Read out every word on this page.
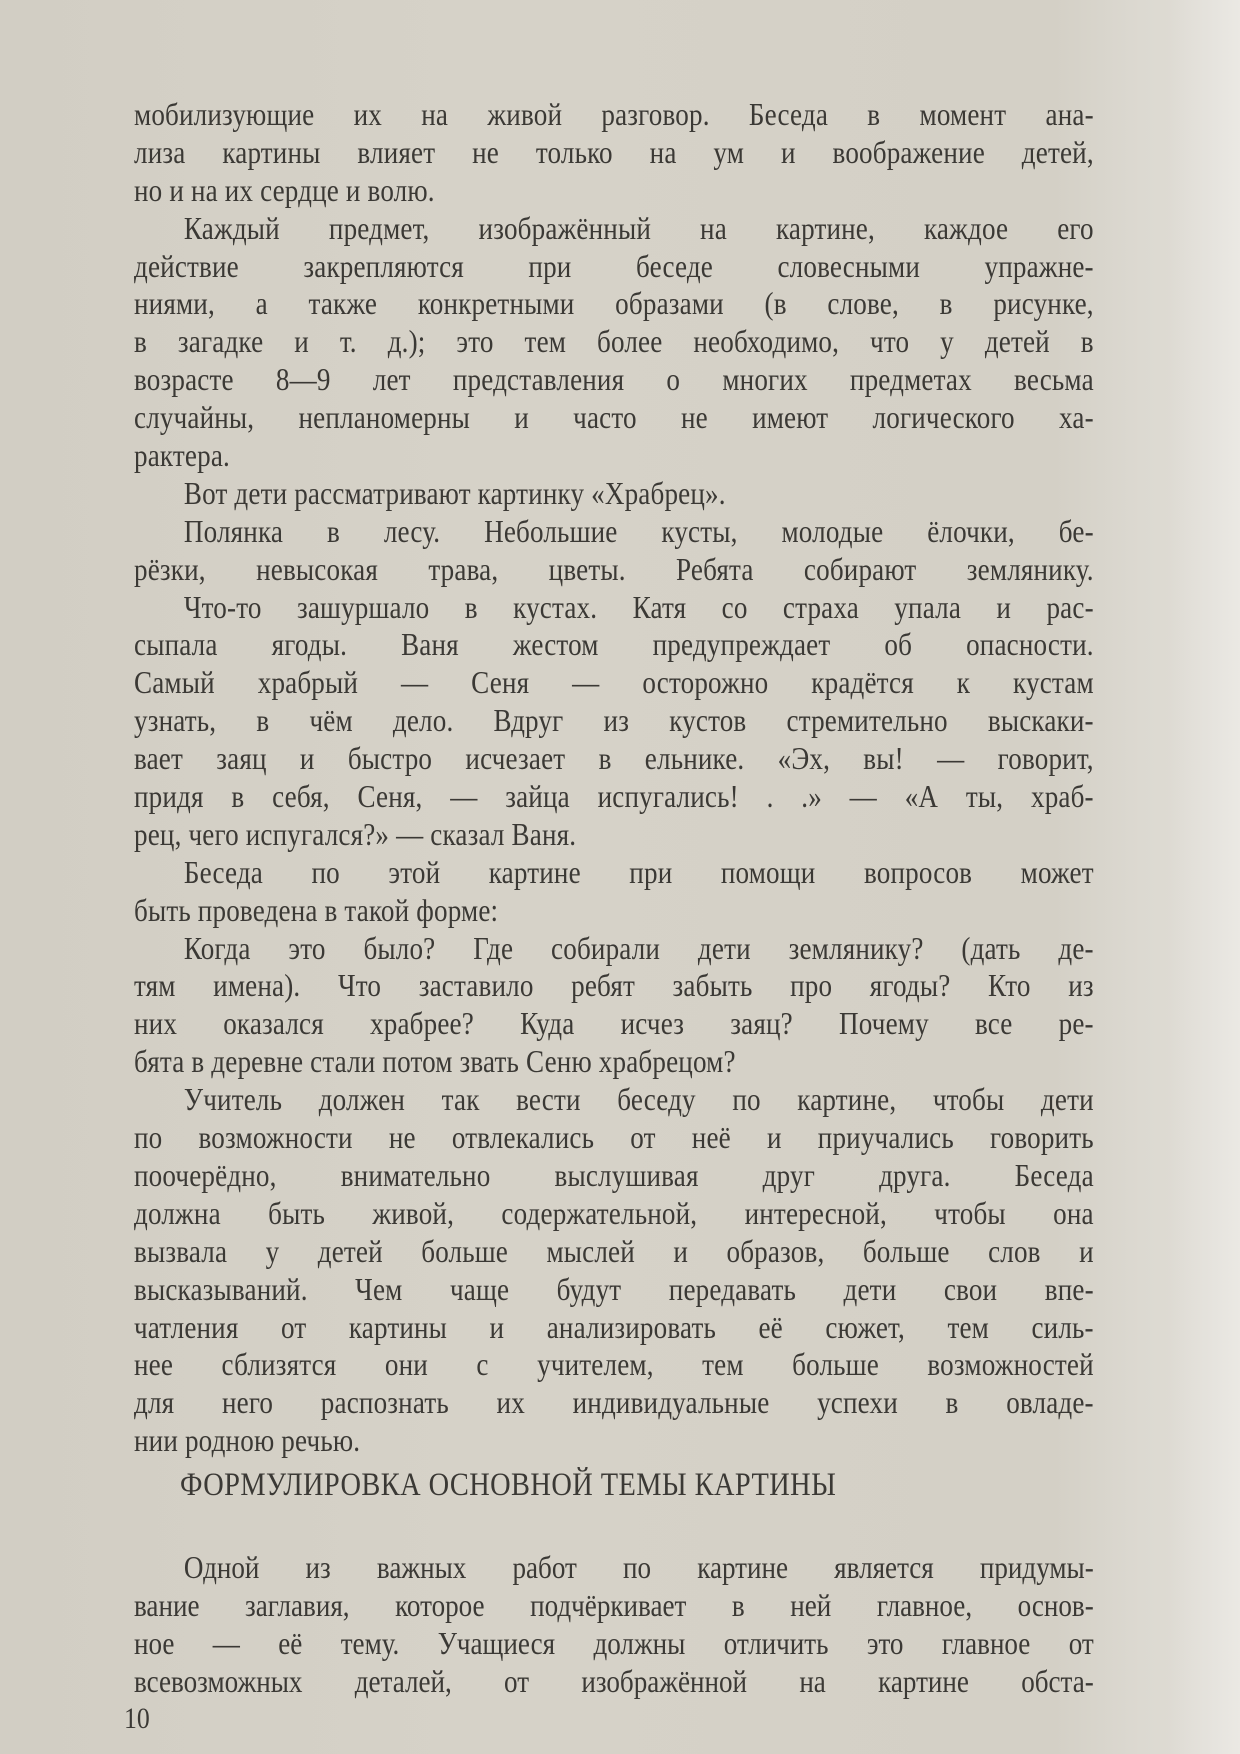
мобилизующие их на живой разговор. Беседа в момент ана-
лиза картины влияет не только на ум и воображение детей,
но и на их сердце и волю.
Каждый предмет, изображённый на картине, каждое его
действие закрепляются при беседе словесными упражне-
ниями, а также конкретными образами (в слове, в рисунке,
в загадке и т. д.); это тем более необходимо, что у детей в
возрасте 8—9 лет представления о многих предметах весьма
случайны, непланомерны и часто не имеют логического ха-
рактера.
Вот дети рассматривают картинку «Храбрец».
Полянка в лесу. Небольшие кусты, молодые ёлочки, бе-
рёзки, невысокая трава, цветы. Ребята собирают землянику.
Что-то зашуршало в кустах. Катя со страха упала и рас-
сыпала ягоды. Ваня жестом предупреждает об опасности.
Самый храбрый — Сеня — осторожно крадётся к кустам
узнать, в чём дело. Вдруг из кустов стремительно выскаки-
вает заяц и быстро исчезает в ельнике. «Эх, вы! — говорит,
придя в себя, Сеня, — зайца испугались! . .» — «А ты, храб-
рец, чего испугался?» — сказал Ваня.
Беседа по этой картине при помощи вопросов может
быть проведена в такой форме:
Когда это было? Где собирали дети землянику? (дать де-
тям имена). Что заставило ребят забыть про ягоды? Кто из
них оказался храбрее? Куда исчез заяц? Почему все ре-
бята в деревне стали потом звать Сеню храбрецом?
Учитель должен так вести беседу по картине, чтобы дети
по возможности не отвлекались от неё и приучались говорить
поочерёдно, внимательно выслушивая друг друга. Беседа
должна быть живой, содержательной, интересной, чтобы она
вызвала у детей больше мыслей и образов, больше слов и
высказываний. Чем чаще будут передавать дети свои впе-
чатления от картины и анализировать её сюжет, тем силь-
нее сблизятся они с учителем, тем больше возможностей
для него распознать их индивидуальные успехи в овладе-
нии родною речью.
ФОРМУЛИРОВКА ОСНОВНОЙ ТЕМЫ КАРТИНЫ
Одной из важных работ по картине является придумы-
вание заглавия, которое подчёркивает в ней главное, основ-
ное — её тему. Учащиеся должны отличить это главное от
всевозможных деталей, от изображённой на картине обста-
10
